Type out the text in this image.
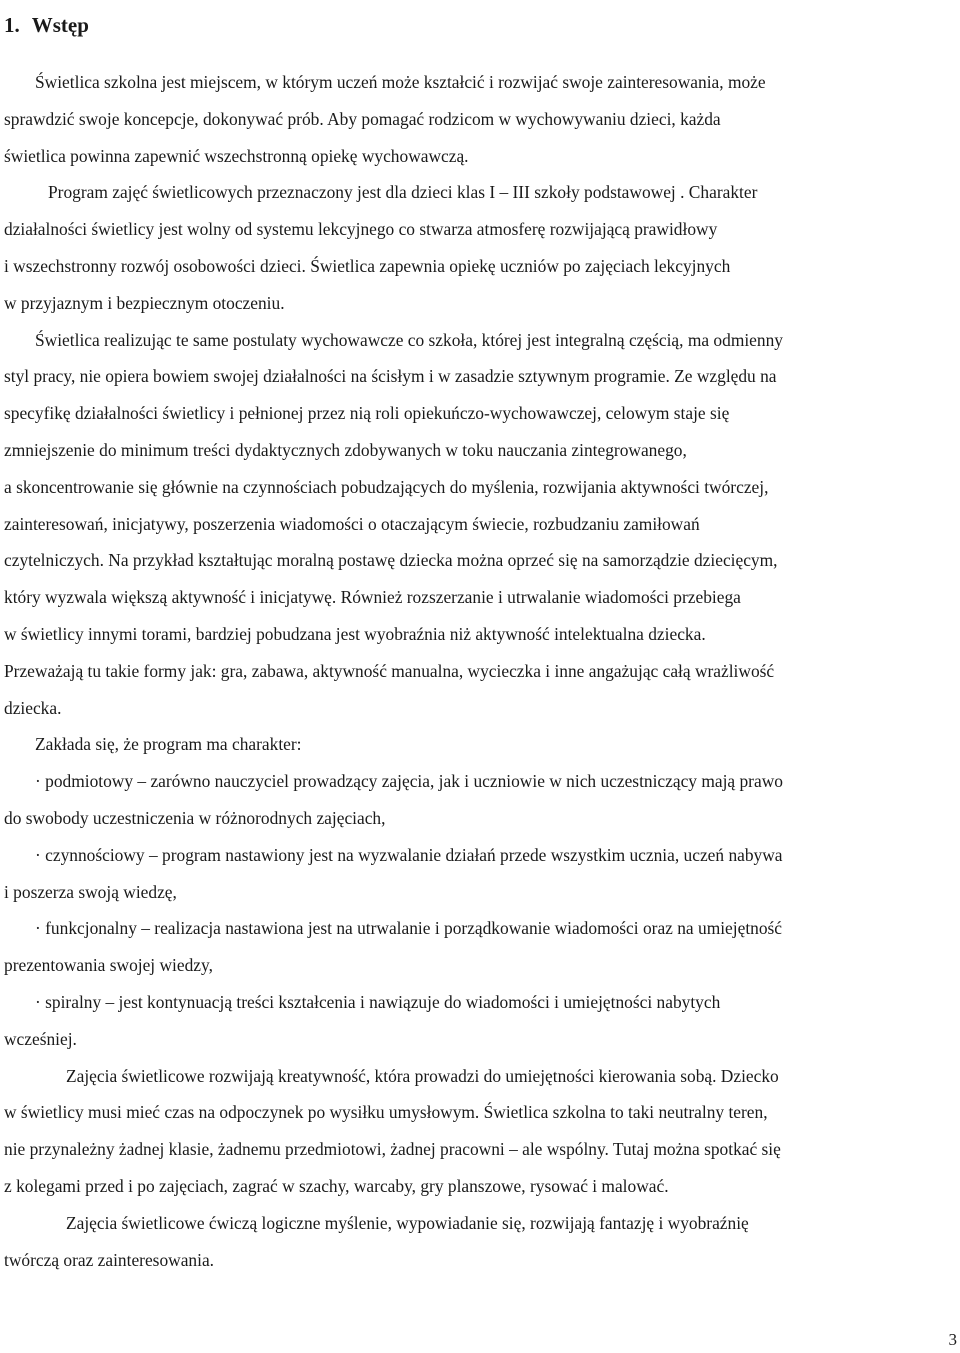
1. Wstęp

Świetlica szkolna jest miejscem, w którym uczeń może kształcić i rozwijać swoje zainteresowania, może
sprawdzić swoje koncepcje, dokonywać prób. Aby pomagać rodzicom w wychowywaniu dzieci, każda
świetlica powinna zapewnić wszechstronną opiekę wychowawczą.

Program zajęć świetlicowych przeznaczony jest dla dzieci klas I – III szkoły podstawowej . Charakter
działalności świetlicy jest wolny od systemu lekcyjnego co stwarza atmosferę rozwijającą prawidłowy
i wszechstronny rozwój osobowości dzieci. Świetlica zapewnia opiekę uczniów po zajęciach lekcyjnych
w przyjaznym i bezpiecznym otoczeniu.

Świetlica realizując te same postulaty wychowawcze co szkoła, której jest integralną częścią, ma odmienny
styl pracy, nie opiera bowiem swojej działalności na ścisłym i w zasadzie sztywnym programie. Ze względu na
specyfikę działalności świetlicy i pełnionej przez nią roli opiekuńczo-wychowawczej, celowym staje się
zmniejszenie do minimum treści dydaktycznych zdobywanych w toku nauczania zintegrowanego,
a skoncentrowanie się głównie na czynnościach pobudzających do myślenia, rozwijania aktywności twórczej,
zainteresowań, inicjatywy, poszerzenia wiadomości o otaczającym świecie, rozbudzaniu zamiłowań
czytelniczych. Na przykład kształtując moralną postawę dziecka można oprzeć się na samorządzie dziecięcym,
który wyzwala większą aktywność i inicjatywę. Również rozszerzanie i utrwalanie wiadomości przebiega
w świetlicy innymi torami, bardziej pobudzana jest wyobraźnia niż aktywność intelektualna dziecka.
Przeważają tu takie formy jak: gra, zabawa, aktywność manualna, wycieczka i inne angażując całą wrażliwość
dziecka.

Zakłada się, że program ma charakter:
· podmiotowy – zarówno nauczyciel prowadzący zajęcia, jak i uczniowie w nich uczestniczący mają prawo
do swobody uczestniczenia w różnorodnych zajęciach,
· czynnościowy – program nastawiony jest na wyzwalanie działań przede wszystkim ucznia, uczeń nabywa
i poszerza swoją wiedzę,
· funkcjonalny – realizacja nastawiona jest na utrwalanie i porządkowanie wiadomości oraz na umiejętność
prezentowania swojej wiedzy,
· spiralny – jest kontynuacją treści kształcenia i nawiązuje do wiadomości i umiejętności nabytych
wcześniej.

Zajęcia świetlicowe rozwijają kreatywność, która prowadzi do umiejętności kierowania sobą. Dziecko
w świetlicy musi mieć czas na odpoczynek po wysiłku umysłowym. Świetlica szkolna to taki neutralny teren,
nie przynależny żadnej klasie, żadnemu przedmiotowi, żadnej pracowni – ale wspólny. Tutaj można spotkać się
z kolegami przed i po zajęciach, zagrać w szachy, warcaby, gry planszowe, rysować i malować.

Zajęcia świetlicowe ćwiczą logiczne myślenie, wypowiadanie się, rozwijają fantazję i wyobraźnię
twórczą oraz zainteresowania.

3
